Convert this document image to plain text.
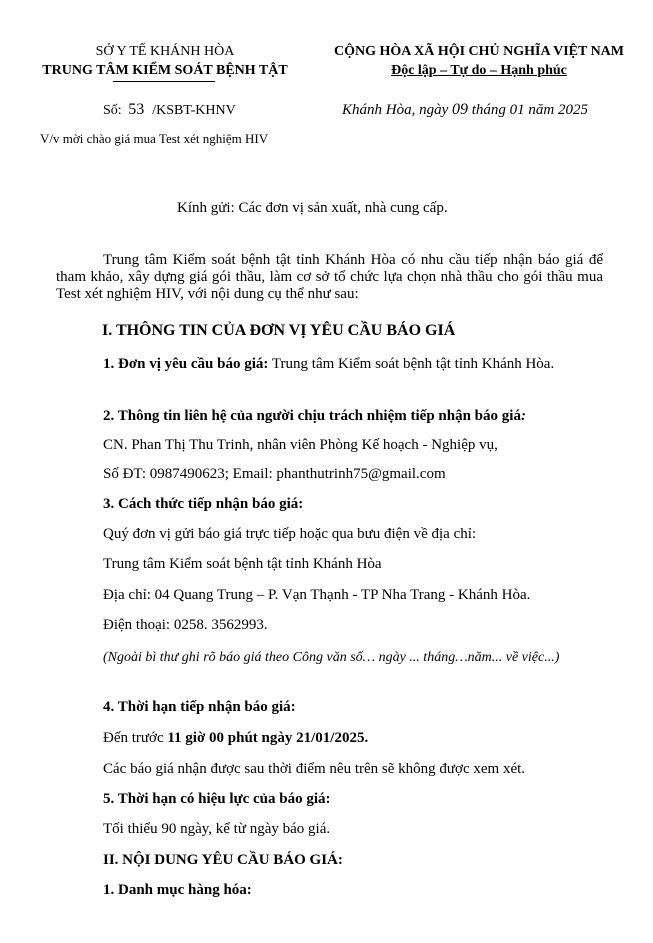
SỞ Y TẾ KHÁNH HÒA
TRUNG TÂM KIỂM SOÁT BỆNH TẬT
CỘNG HÒA XÃ HỘI CHỦ NGHĨA VIỆT NAM
Độc lập – Tự do – Hạnh phúc
Số: 53 /KSBT-KHNV	Khánh Hòa, ngày 09 tháng 01 năm 2025
V/v mời chào giá mua Test xét nghiệm HIV
Kính gửi: Các đơn vị sản xuất, nhà cung cấp.
Trung tâm Kiểm soát bệnh tật tỉnh Khánh Hòa có nhu cầu tiếp nhận báo giá để tham khảo, xây dựng giá gói thầu, làm cơ sở tổ chức lựa chọn nhà thầu cho gói thầu mua Test xét nghiệm HIV, với nội dung cụ thể như sau:
I. THÔNG TIN CỦA ĐƠN VỊ YÊU CẦU BÁO GIÁ
1. Đơn vị yêu cầu báo giá: Trung tâm Kiểm soát bệnh tật tỉnh Khánh Hòa.
2. Thông tin liên hệ của người chịu trách nhiệm tiếp nhận báo giá:
CN. Phan Thị Thu Trinh, nhân viên Phòng Kế hoạch - Nghiệp vụ,
Số ĐT: 0987490623; Email: phanthutrinh75@gmail.com
3. Cách thức tiếp nhận báo giá:
Quý đơn vị gửi báo giá trực tiếp hoặc qua bưu điện về địa chỉ:
Trung tâm Kiểm soát bệnh tật tỉnh Khánh Hòa
Địa chỉ: 04 Quang Trung – P. Vạn Thạnh - TP Nha Trang - Khánh Hòa.
Điện thoại: 0258. 3562993.
(Ngoài bì thư ghi rõ báo giá theo Công văn số… ngày ... tháng…năm... về việc...)
4. Thời hạn tiếp nhận báo giá:
Đến trước 11 giờ 00 phút ngày 21/01/2025.
Các báo giá nhận được sau thời điểm nêu trên sẽ không được xem xét.
5. Thời hạn có hiệu lực của báo giá:
Tối thiểu 90 ngày, kể từ ngày báo giá.
II. NỘI DUNG YÊU CẦU BÁO GIÁ:
1. Danh mục hàng hóa:
